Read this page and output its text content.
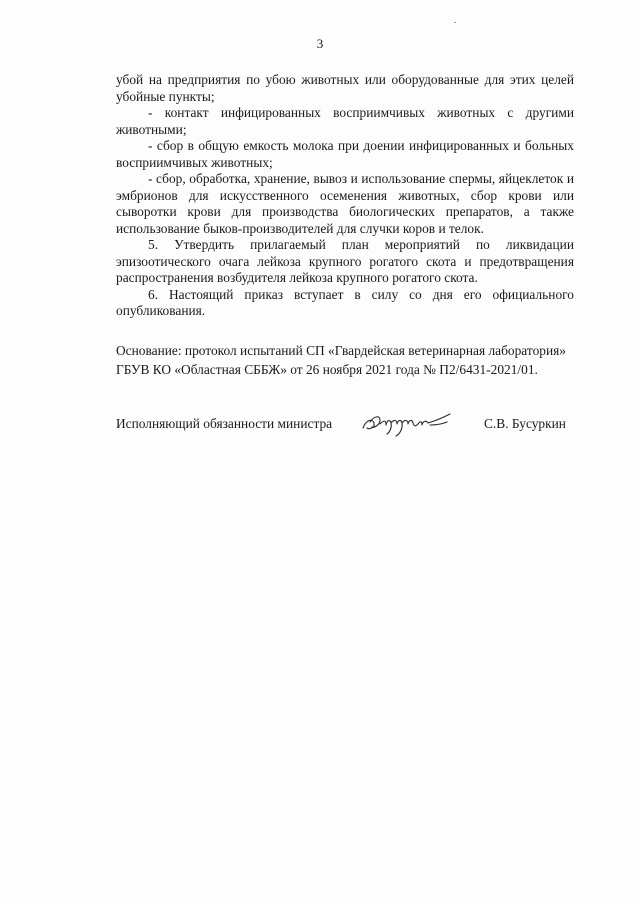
3

убой на предприятия по убою животных или оборудованные для этих целей убойные пункты;

- контакт инфицированных восприимчивых животных с другими животными;

- сбор в общую емкость молока при доении инфицированных и больных восприимчивых животных;

- сбор, обработка, хранение, вывоз и использование спермы, яйцеклеток и эмбрионов для искусственного осеменения животных, сбор крови или сыворотки крови для производства биологических препаратов, а также использование быков-производителей для случки коров и телок.

5. Утвердить прилагаемый план мероприятий по ликвидации эпизоотического очага лейкоза крупного рогатого скота и предотвращения распространения возбудителя лейкоза крупного рогатого скота.

6. Настоящий приказ вступает в силу со дня его официального опубликования.

Основание: протокол испытаний СП «Гвардейская ветеринарная лаборатория»

ГБУВ КО «Областная СББЖ» от 26 ноября 2021 года № П2/6431-2021/01.

Исполняющий обязанности министра	С.В. Бусуркин
